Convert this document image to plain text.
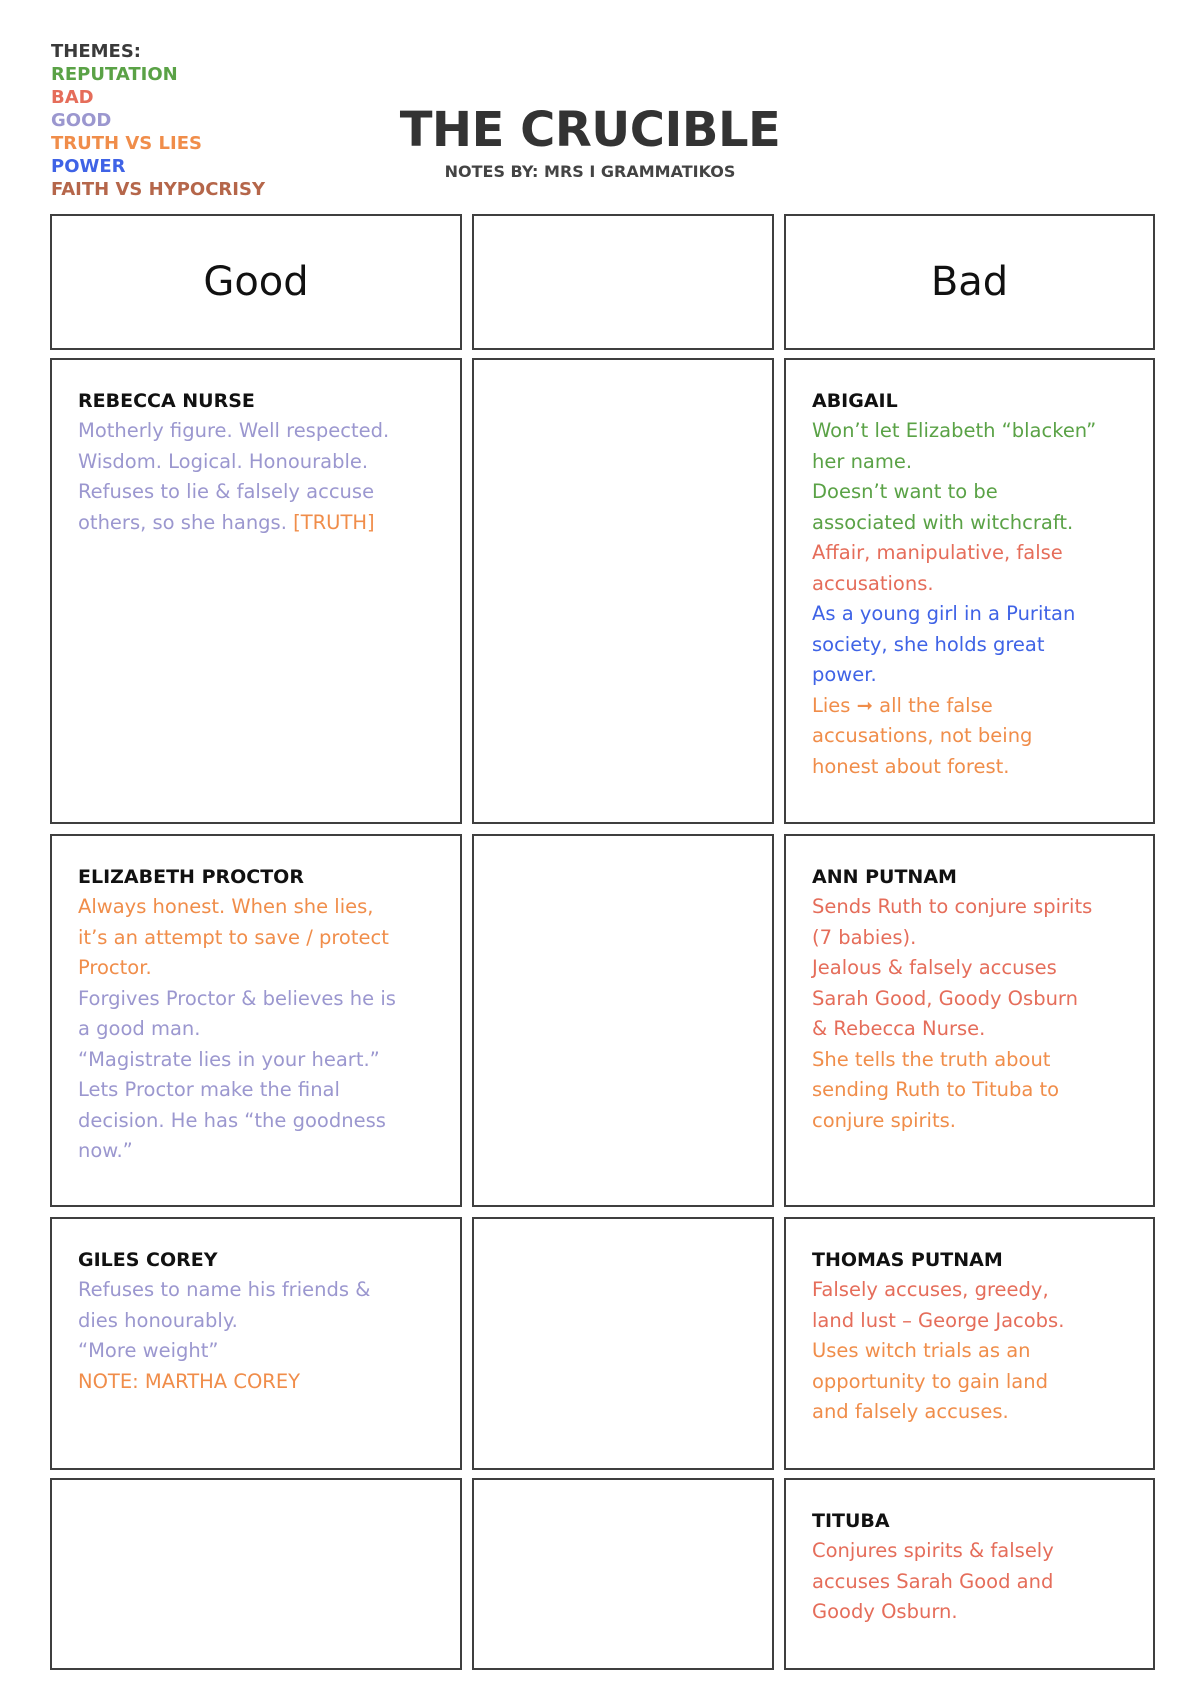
THEMES:
REPUTATION
BAD
GOOD
TRUTH VS LIES
POWER
FAITH VS HYPOCRISY
THE CRUCIBLE
NOTES BY: MRS I GRAMMATIKOS
Good	Bad
REBECCA NURSE
Motherly figure. Well respected.
Wisdom. Logical. Honourable.
Refuses to lie & falsely accuse
others, so she hangs. [TRUTH]
ABIGAIL
Won’t let Elizabeth “blacken”
her name.
Doesn’t want to be
associated with witchcraft.
Affair, manipulative, false
accusations.
As a young girl in a Puritan
society, she holds great
power.
Lies ➞ all the false
accusations, not being
honest about forest.
ELIZABETH PROCTOR
Always honest. When she lies,
it’s an attempt to save / protect
Proctor.
Forgives Proctor & believes he is
a good man.
“Magistrate lies in your heart.”
Lets Proctor make the final
decision. He has “the goodness
now.”
ANN PUTNAM
Sends Ruth to conjure spirits
(7 babies).
Jealous & falsely accuses
Sarah Good, Goody Osburn
& Rebecca Nurse.
She tells the truth about
sending Ruth to Tituba to
conjure spirits.
GILES COREY
Refuses to name his friends &
dies honourably.
“More weight”
NOTE: MARTHA COREY
THOMAS PUTNAM
Falsely accuses, greedy,
land lust – George Jacobs.
Uses witch trials as an
opportunity to gain land
and falsely accuses.
TITUBA
Conjures spirits & falsely
accuses Sarah Good and
Goody Osburn.
